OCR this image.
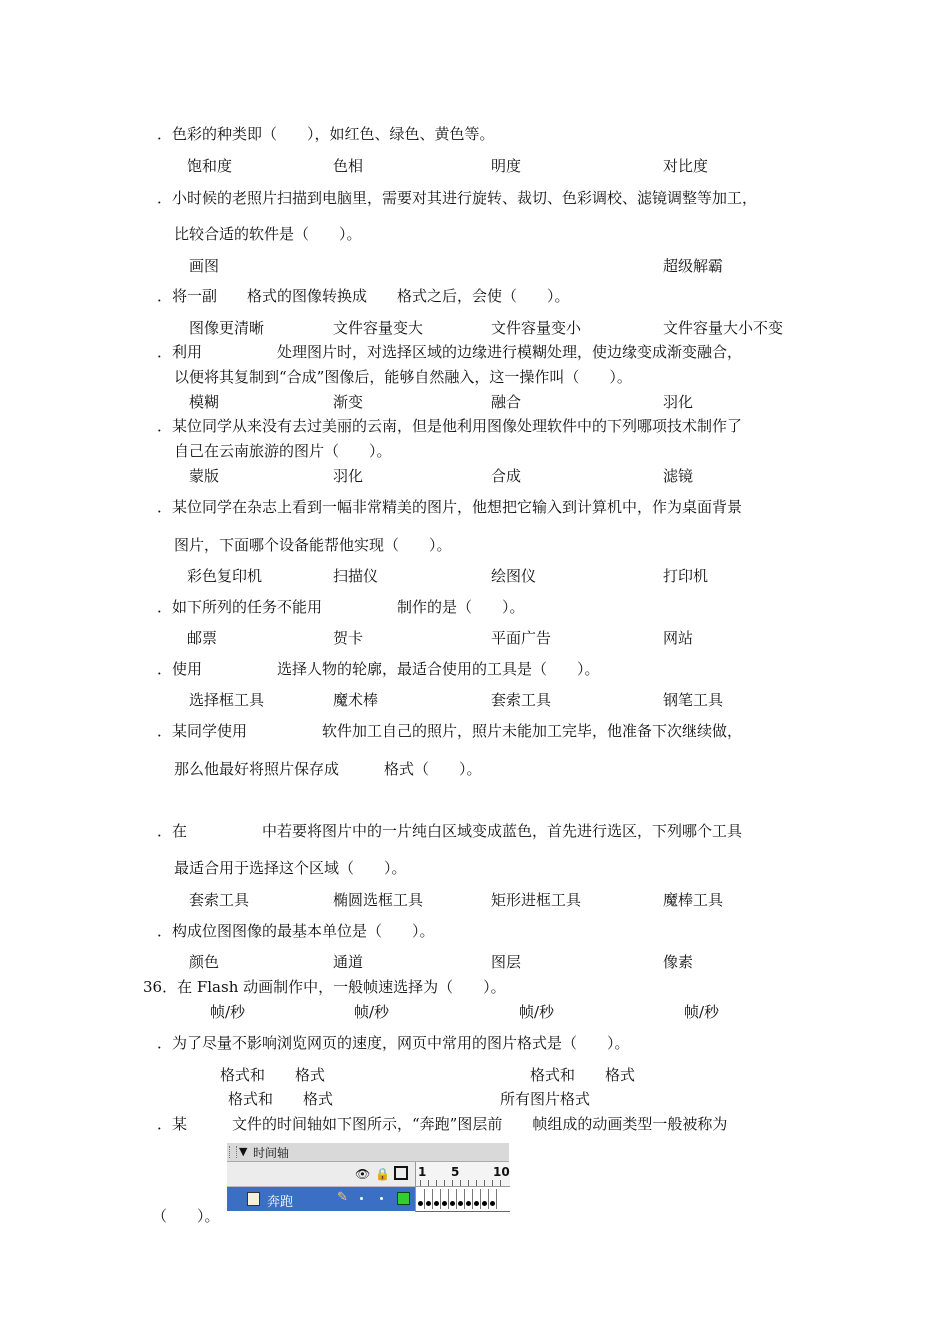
．色彩的种类即（　　），如红色、绿色、黄色等。
饱和度	色相	明度	对比度
．小时候的老照片扫描到电脑里，需要对其进行旋转、裁切、色彩调校、滤镜调整等加工，
比较合适的软件是（　　）。
画图	超级解霸
．将一副　　格式的图像转换成　　格式之后，会使（　　）。
图像更清晰	文件容量变大	文件容量变小	文件容量大小不变
．利用　　　　　处理图片时，对选择区域的边缘进行模糊处理，使边缘变成渐变融合，
以便将其复制到“合成”图像后，能够自然融入，这一操作叫（　　）。
模糊	渐变	融合	羽化
．某位同学从来没有去过美丽的云南，但是他利用图像处理软件中的下列哪项技术制作了
自己在云南旅游的图片（　　）。
蒙版	羽化	合成	滤镜
．某位同学在杂志上看到一幅非常精美的图片，他想把它输入到计算机中，作为桌面背景
图片，下面哪个设备能帮他实现（　　）。
彩色复印机	扫描仪	绘图仪	打印机
．如下所列的任务不能用　　　　　制作的是（　　）。
邮票	贺卡	平面广告	网站
．使用　　　　　选择人物的轮廓，最适合使用的工具是（　　）。
选择框工具	魔术棒	套索工具	钢笔工具
．某同学使用　　　　　软件加工自己的照片，照片未能加工完毕，他准备下次继续做，
那么他最好将照片保存成　　　格式（　　）。
．在　　　　　中若要将图片中的一片纯白区域变成蓝色，首先进行选区，下列哪个工具
最适合用于选择这个区域（　　）。
套索工具	椭圆选框工具	矩形进框工具	魔棒工具
．构成位图图像的最基本单位是（　　）。
颜色	通道	图层	像素
36．在 Flash 动画制作中，一般帧速选择为（　　）。
帧/秒	帧/秒	帧/秒	帧/秒
．为了尽量不影响浏览网页的速度，网页中常用的图片格式是（　　）。
格式和　　格式	格式和　　格式
格式和　　格式	所有图片格式
．某　　　文件的时间轴如下图所示，“奔跑”图层前　　帧组成的动画类型一般被称为
（　　）。
▼ 时间轴
👁 🔒 1 5	10
奔跑	✎
